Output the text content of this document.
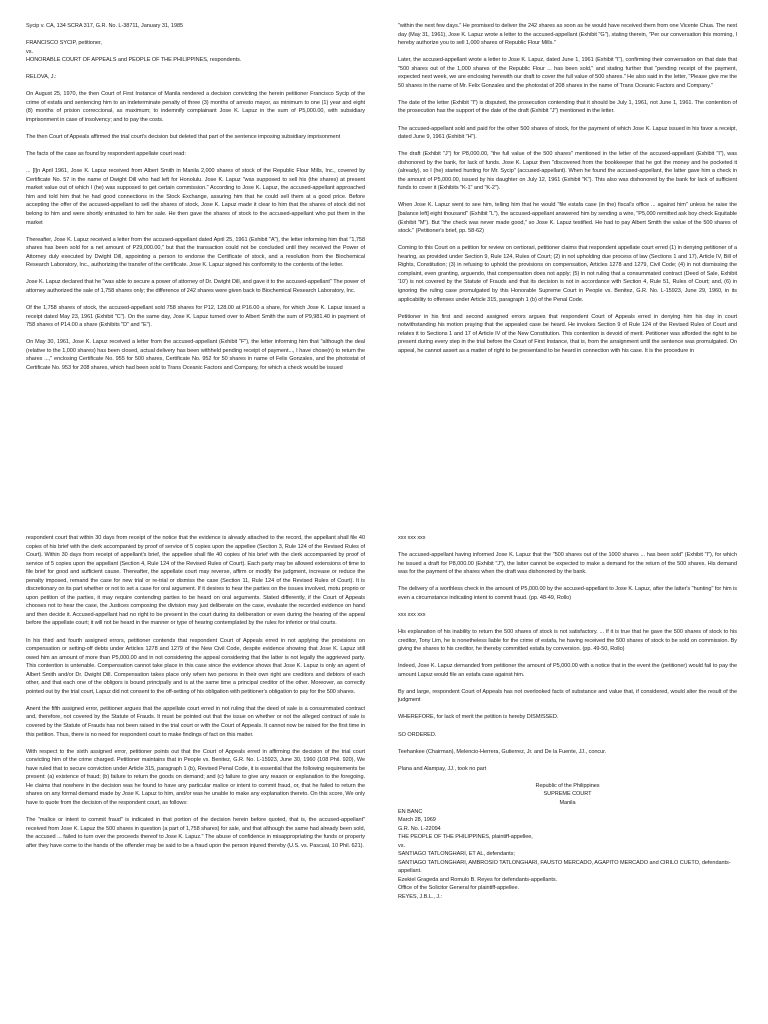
Sycip v. CA, 134 SCRA 317, G.R. No. L-38711, January 31, 1985

FRANCISCO SYCIP, petitioner,
vs.
HONORABLE COURT OF APPEALS and PEOPLE OF THE PHILIPPINES, respondents.

RELOVA, J.:

On August 25, 1970, the then Court of First Instance of Manila rendered a decision convicting the herein petitioner Francisco Sycip of the crime of estafa and sentencing him to an indeterminate penalty of three (3) months of arresto mayor, as minimum to one (1) year and eight (8) months of prision correccional, as maximum; to indemnify complainant Jose K. Lapuz in the sum of P5,000.00, with subsidiary imprisonment in case of insolvency; and to pay the costs.

The then Court of Appeals affirmed the trial court's decision but deleted that part of the sentence imposing subsidiary imprisonment

The facts of the case as found by respondent appellate court read:

... [I]n April 1961, Jose K. Lapuz received from Albert Smith in Manila 2,000 shares of stock of the Republic Flour Mills, Inc., covered by Certificate No. 57 in the name of Dwight Dill who had left for Honolulu. Jose K. Lapuz "was supposed to sell his (the shares) at present market value out of which I (he) was supposed to get certain commission." According to Jose K. Lapuz, the accused-appellant approached him and told him that he had good connections in the Stock Exchange, assuring him that he could sell them at a good price. Before accepting the offer of the accused-appellant to sell the shares of stock, Jose K. Lapuz made it clear to him that the shares of stock did not belong to him and were shortly entrusted to him for sale. He then gave the shares of stock to the accused-appellant who put them in the market

Thereafter, Jose K. Lapuz received a letter from the accused-appellant dated April 25, 1961 (Exhibit "A"), the letter informing him that "1,758 shares has been sold for a net amount of P29,000.00," but that the transaction could not be concluded until they received the Power of Attorney duly executed by Dwight Dill, appointing a person to endorse the Certificate of stock, and a resolution from the Biochemical Research Laboratory, Inc., authorizing the transfer of the certificate. Jose K. Lapuz signed his conformity to the contents of the letter.

Jose K. Lapuz declared that he "was able to secure a power of attorney of Dr. Dwight Dill, and gave it to the accused-appellant" The power of attorney authorized the sale of 1,758 shares only; the difference of 242 shares were given back to Biochemical Research Laboratory, Inc.

Of the 1,758 shares of stock, the accused-appellant sold 758 shares for P12, 128.00 at P16.00 a share, for which Jose K. Lapuz issued a receipt dated May 23, 1961 (Exhibit "C"). On the same day, Jose K. Lapuz turned over to Albert Smith the sum of P9,981.40 in payment of 758 shares of P14.00 a share (Exhibits "D" and "E").

On May 30, 1961, Jose K. Lapuz received a letter from the accused-appellant (Exhibit "F"), the letter informing him that "although the deal (relative to the 1,000 shares) has been closed, actual delivery has been withheld pending receipt of payment..., I have chose(n) to return the shares ...," enclosing Certificate No. 955 for 500 shares, Certificate No. 952 for 50 shares in name of Felix Gonzales, and the photostat of Certificate No. 953 for 208 shares, which had been sold to Trans Oceanic Factors and Company, for which a check would be issued

"within the next few days." He promised to deliver the 242 shares as soon as he would have received them from one Vicente Chua. The next day (May 31, 1961), Jose K. Lapuz wrote a letter to the accused-appellant (Exhibit "G"), stating therein, "Per our conversation this morning, I hereby authorize you to sell 1,000 shares of Republic Flour Mills."

Later, the accused-appellant wrote a letter to Jose K. Lapuz, dated June 1, 1961 (Exhibit "I"), confirming their conversation on that date that "500 shares out of the 1,000 shares of the Republic Flour ... has been sold," and stating further that "pending receipt of the payment, expected next week, we are enclosing herewith our draft to cover the full value of 500 shares." He also said in the letter, "Please give me the 50 shares in the name of Mr. Felix Gonzales and the photostat of 208 shares in the name of Trans Oceanic Factors and Company."

The date of the letter (Exhibit "I") is disputed, the prosecution contending that it should be July 1, 1961, not June 1, 1961. The contention of the prosecution has the support of the date of the draft (Exhibit "J") mentioned in the letter.

The accused-appellant sold and paid for the other 500 shares of stock, for the payment of which Jose K. Lapuz issued in his favor a receipt, dated June 9, 1961 (Exhibit "H").

The draft (Exhibit "J") for P8,000.00, "the full value of the 500 shares" mentioned in the letter of the accused-appellant (Exhibit "I"), was dishonored by the bank, for lack of funds. Jose K. Lapuz then "discovered from the bookkeeper that he got the money and he pocketed it (already), so I (he) started hunting for Mr. Sycip" (accused-appellant). When he found the accused-appellant, the latter gave him a check in the amount of P5,000.00, issued by his daughter on July 12, 1961 (Exhibit "K"). This also was dishonored by the bank for lack of sufficient funds to cover it (Exhibits "K-1" and "K-2").

When Jose K. Lapuz went to see him, telling him that he would "file estafa case (in the) fiscal's office ... against him" unless he raise the [balance left] eight thousand" (Exhibit "L"), the accused-appellant answered him by sending a wire, "P5,000 remitted ask boy check Equitable (Exhibit "M"). But "the check was never made good," so Jose K. Lapuz testified. He had to pay Albert Smith the value of the 500 shares of stock." (Petitioner's brief, pp. 58-62)

Coming to this Court on a petition for review on certiorari, petitioner claims that respondent appellate court erred (1) in denying petitioner of a hearing, as provided under Section 9, Rule 124, Rules of Court; (2) in not upholding due process of law (Sections 1 and 17), Article IV, Bill of Rights, Constitution; (3) in refusing to uphold the provisions on compensation, Articles 1278 and 1279, Civil Code; (4) in not dismissing the complaint, even granting, arguendo, that compensation does not apply; (5) in not ruling that a consummated contract (Deed of Sale, Exhibit '10') is not covered by the Statute of Frauds and that its decision is not in accordance with Section 4, Rule 51, Rules of Court; and, (6) in ignoring the ruling case promulgated by this Honorable Supreme Court in People vs. Benitez, G.R. No. L-15923, June 29, 1960, in its applicability to offenses under Article 315, paragraph 1 (b) of the Penal Code.

Petitioner in his first and second assigned errors argues that respondent Court of Appeals erred in denying him his day in court notwithstanding his motion praying that the appealed case be heard. He invokes Section 9 of Rule 124 of the Revised Rules of Court and relates it to Sections 1 and 17 of Article IV of the New Constitution. This contention is devoid of merit. Petitioner was afforded the right to be present during every step in the trial before the Court of First Instance, that is, from the arraignment until the sentence was promulgated. On appeal, he cannot assert as a matter of right to be presentand to be heard in connection with his case. It is the procedure in

respondent court that within 30 days from receipt of the notice that the evidence is already attached to the record, the appellant shall file 40 copies of his brief with the clerk accompanied by proof of service of 5 copies upon the appellee (Section 3, Rule 124 of the Revised Rules of Court). Within 30 days from receipt of appellant's brief, the appellee shall file 40 copies of his brief with the clerk accompanied by proof of service of 5 copies upon the appellant (Section 4, Rule 124 of the Revised Rules of Court). Each party may be allowed extensions of time to file brief for good and sufficient cause. Thereafter, the appellate court may reverse, affirm or modify the judgment, increase or reduce the penalty imposed, remand the case for new trial or re-trial or dismiss the case (Section 11, Rule 124 of the Revised Rules of Court). It is discretionary on its part whether or not to set a case for oral argument. If it desires to hear the parties on the issues involved, motu proprio or upon petition of the parties, it may require contending parties to be heard on oral arguments. Stated differently, if the Court of Appeals chooses not to hear the case, the Justices composing the division may just deliberate on the case, evaluate the recorded evidence on hand and then decide it. Accused-appellant had no right to be present in the court during its deliberation or even during the hearing of the appeal before the appellate court; it will not be heard in the manner or type of hearing contemplated by the rules for inferior or trial courts.

In his third and fourth assigned errors, petitioner contends that respondent Court of Appeals erred in not applying the provisions on compensation or setting-off debts under Articles 1278 and 1279 of the New Civil Code, despite evidence showing that Jose K. Lapuz still owed him an amount of more than P5,000.00 and in not considering the appeal considering that the latter is not legally the aggrieved party. This contention is untenable. Compensation cannot take place in this case since the evidence shows that Jose K. Lapuz is only an agent of Albert Smith and/or Dr. Dwight Dill. Compensation takes place only when two persons in their own right are creditors and debtors of each other, and that each one of the obligors is bound principally and is at the same time a principal creditor of the other. Moreover, as correctly pointed out by the trial court, Lapuz did not consent to the off-setting of his obligation with petitioner's obligation to pay for the 500 shares.

Anent the fifth assigned error, petitioner argues that the appellate court erred in not ruling that the deed of sale is a consummated contract and, therefore, not covered by the Statute of Frauds. It must be pointed out that the issue on whether or not the alleged contract of sale is covered by the Statute of Frauds has not been raised in the trial court or with the Court of Appeals. It cannot now be raised for the first time in this petition. Thus, there is no need for respondent court to make findings of fact on this matter.

With respect to the sixth assigned error, petitioner points out that the Court of Appeals erred in affirming the decision of the trial court convicting him of the crime charged. Petitioner maintains that in People vs. Benitez, G.R. No. L-15923, June 30, 1960 (108 Phil. 920), We have ruled that to secure conviction under Article 315, paragraph 1 (b), Revised Penal Code, it is essential that the following requirements be present: (a) existence of fraud; (b) failure to return the goods on demand; and (c) failure to give any reason or explanation to the foregoing. He claims that nowhere in the decision was he found to have any particular malice or intent to commit fraud, or, that he failed to return the shares on any formal demand made by Jose K. Lapuz to him, and/or was he unable to make any explanation thereto. On this score, We only have to quote from the decision of the respondent court, as follows:

The "malice or intent to commit fraud" is indicated in that portion of the decision herein before quoted, that is, the accused-appellant" received from Jose K. Lapuz the 500 shares in question (a part of 1,758 shares) for sale, and that although the same had already been sold, the accused ... failed to turn over the proceeds thereof to Jose K. Lapuz." The abuse of confidence in misappropriating the funds or property after they have come to the hands of the offender may be said to be a fraud upon the person injured thereby (U.S. vs. Pascual, 10 Phil. 621).

xxx xxx xxx

The accused-appellant having informed Jose K. Lapuz that the "500 shares out of the 1000 shares ... has been sold" (Exhibit "I"), for which he issued a draft for P8,000.00 (Exhibit "J"), the latter cannot be expected to make a demand for the return of the 500 shares. His demand was for the payment of the shares when the draft was dishonored by the bank.

The delivery of a worthless check in the amount of P5,000.00 by the accused-appellant to Jose K. Lapuz, after the latter's "hunting" for him is even a circumstance indicating intent to commit fraud. (pp. 48-49, Rollo)

xxx xxx xxx

His explanation of his inability to return the 500 shares of stock is not satisfactory. ... If it is true that he gave the 500 shares of stock to his creditor, Tony Lim, he is nonetheless liable for the crime of estafa, he having received the 500 shares of stock to be sold on commission. By giving the shares to his creditor, he thereby committed estafa by conversion. (pp. 49-50, Rollo)

Indeed, Jose K. Lapuz demanded from petitioner the amount of P5,000.00 with a notice that in the event the (petitioner) would fail to pay the amount Lapuz would file an estafa case against him.

By and large, respondent Court of Appeals has not overlooked facts of substance and value that, if considered, would alter the result of the judgment

WHEREFORE, for lack of merit the petition is hereby DISMISSED.

SO ORDERED.

Teehankee (Chairman), Melencio-Herrera, Gutierrez, Jr. and De la Fuente, JJ., concur.

Plana and Alampay, JJ., took no part

Republic of the Philippines

SUPREME COURT

Manila

EN BANC

March 28, 1969

G.R. No. L-22094

THE PEOPLE OF THE PHILIPPINES, plaintiff-appellee,

vs.

SANTIAGO TATLONGHARI, ET AL, defendants;

SANTIAGO TATLONGHARI, AMBROSIO TATLONGHARI, FAUSTO MERCADO, AGAPITO MERCADO and CIRILO CUETO, defendants-appellant.

Ezekiel Grageda and Romulo B. Reyes for defendants-appellants.

Office of the Solicitor General for plaintiff-appellee.

REYES, J.B.L., J.:
